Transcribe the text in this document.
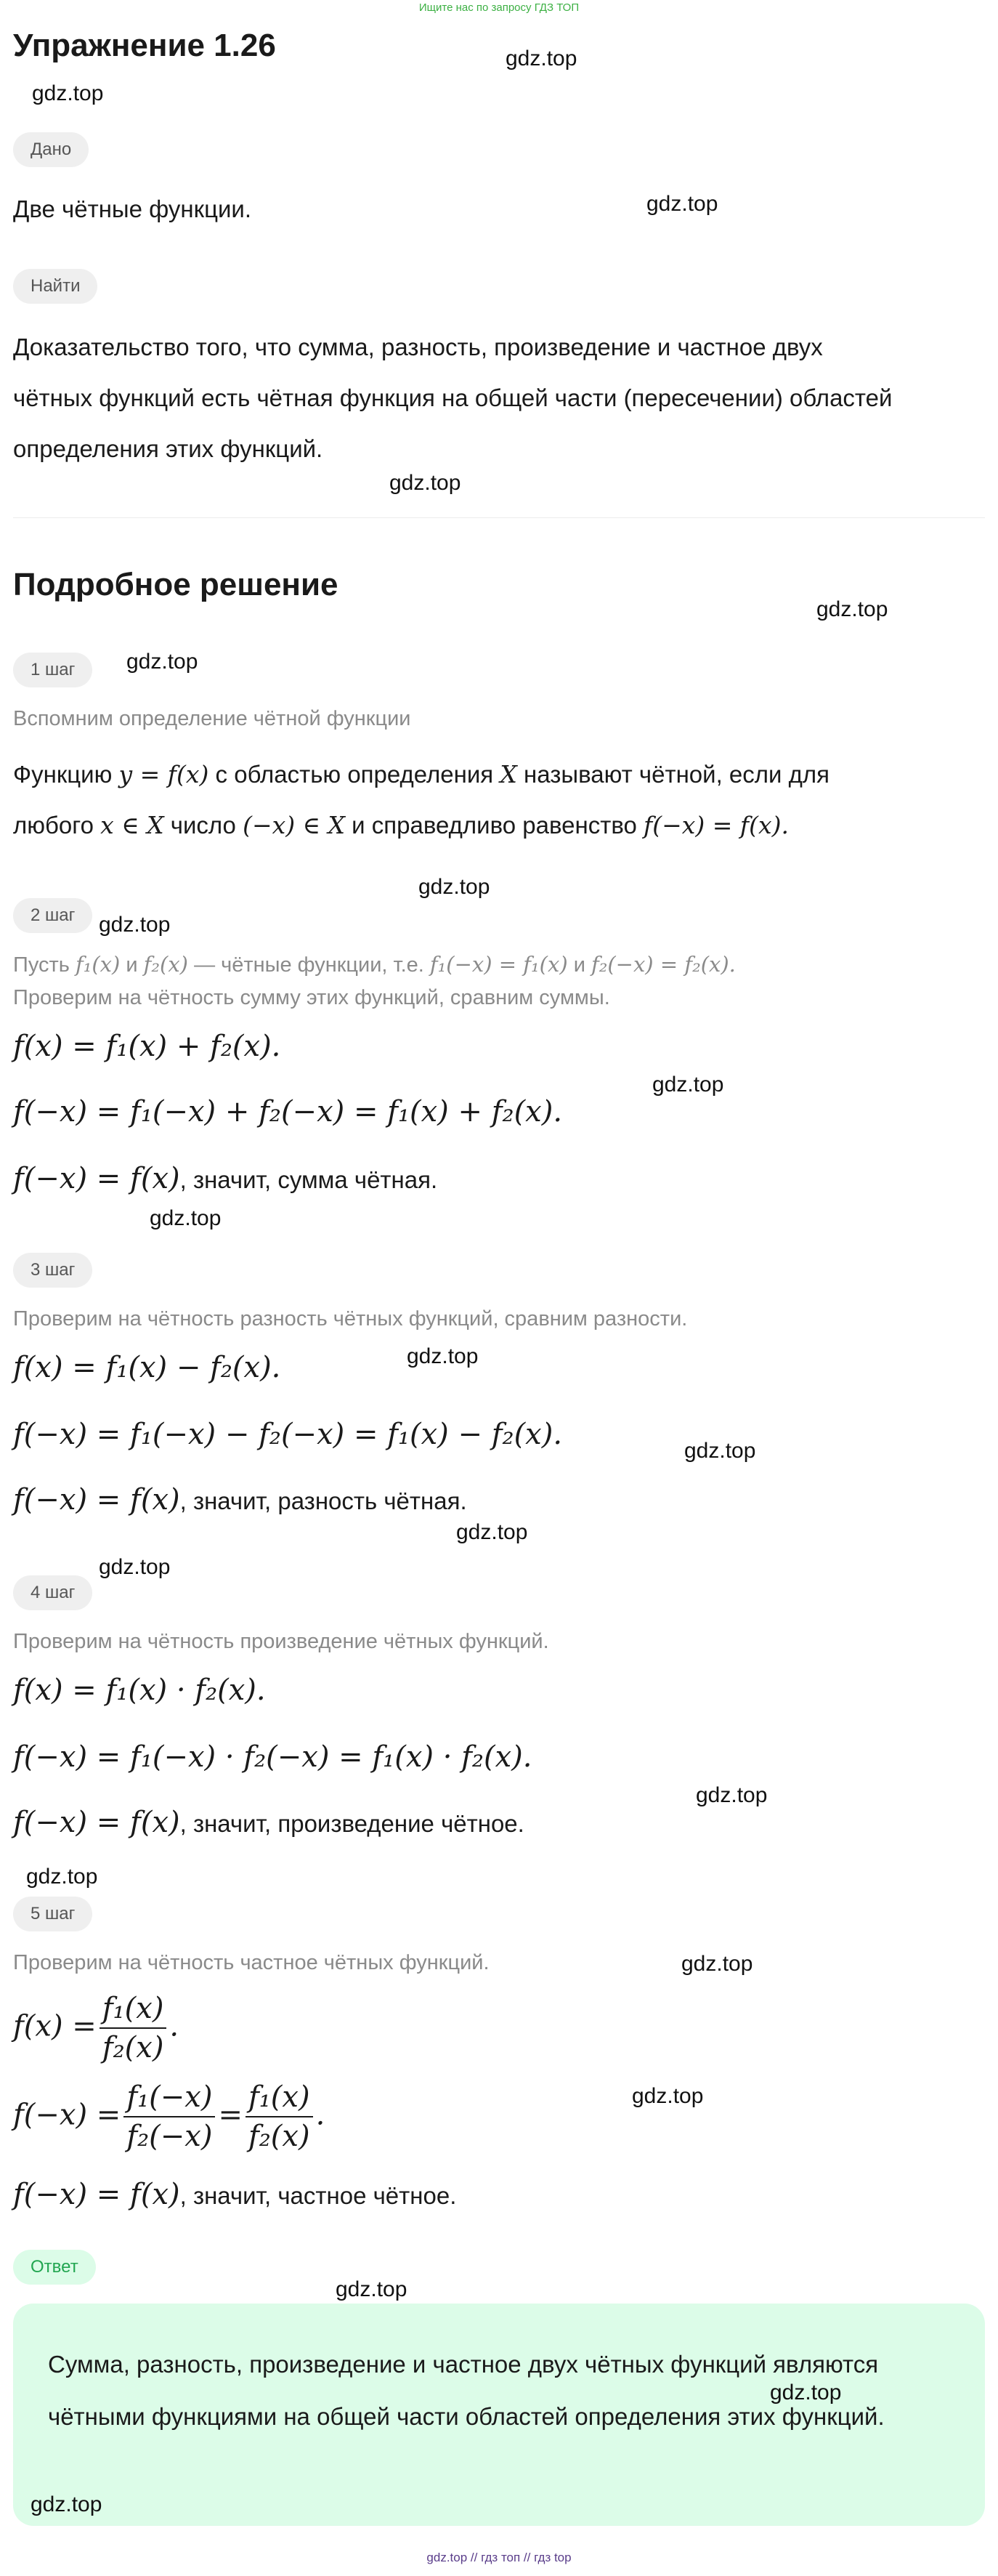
Ищите нас по запросу ГДЗ ТОП
Упражнение 1.26
Дано
Две чётные функции.
Найти
Доказательство того, что сумма, разность, произведение и частное двух
чётных функций есть чётная функция на общей части (пересечении) областей
определения этих функций.
Подробное решение
1 шаг
Вспомним определение чётной функции
Функцию y = f(x) с областью определения X называют чётной, если для
любого x ∈ X число (−x) ∈ X и справедливо равенство f(−x) = f(x).
2 шаг
Пусть f₁(x) и f₂(x) — чётные функции, т.е. f₁(−x) = f₁(x) и f₂(−x) = f₂(x).
Проверим на чётность сумму этих функций, сравним суммы.
f(x) = f₁(x) + f₂(x).
f(−x) = f₁(−x) + f₂(−x) = f₁(x) + f₂(x).
f(−x) = f(x), значит, сумма чётная.
3 шаг
Проверим на чётность разность чётных функций, сравним разности.
f(x) = f₁(x) − f₂(x).
f(−x) = f₁(−x) − f₂(−x) = f₁(x) − f₂(x).
f(−x) = f(x), значит, разность чётная.
4 шаг
Проверим на чётность произведение чётных функций.
f(x) = f₁(x) · f₂(x).
f(−x) = f₁(−x) · f₂(−x) = f₁(x) · f₂(x).
f(−x) = f(x), значит, произведение чётное.
5 шаг
Проверим на чётность частное чётных функций.
$f(x) = \frac{\text{f₁(x)}}{\text{f₂(x)}}$ .
$f(-x) = \frac{\text{f₁(−x)}}{\text{f₂(−x)}} = \frac{\text{f₁(x)}}{\text{f₂(x)}}$ .
f(−x) = f(x), значит, частное чётное.
Ответ
Сумма, разность, произведение и частное двух чётных функций являются чётными функциями на общей части областей определения этих функций.
gdz.top
gdz.top
gdz.top
gdz.top
gdz.top
gdz.top
gdz.top
gdz.top
gdz.top
gdz.top
gdz.top
gdz.top
gdz.top
gdz.top
gdz.top
gdz.top
gdz.top
gdz.top
gdz.top
gdz.top
gdz.top
gdz.top // гдз топ // гдз top
